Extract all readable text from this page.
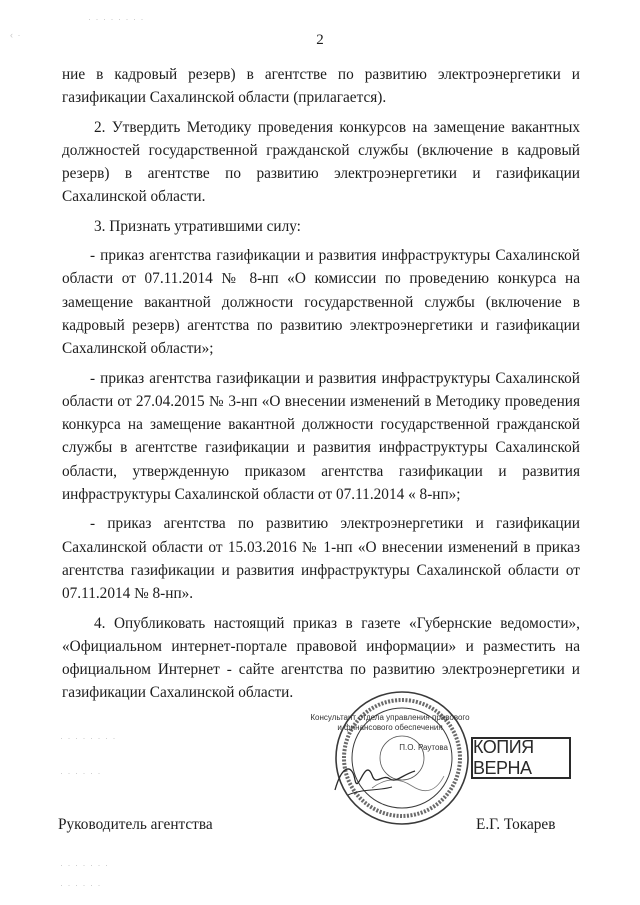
2

ние в кадровый резерв) в агентстве по развитию электроэнергетики и газификации Сахалинской области (прилагается).

2. Утвердить Методику проведения конкурсов на замещение вакантных должностей государственной гражданской службы (включение в кадровый резерв) в агентстве по развитию электроэнергетики и газификации Сахалинской области.

3. Признать утратившими силу:

- приказ агентства газификации и развития инфраструктуры Сахалинской области от 07.11.2014 № 8-нп «О комиссии по проведению конкурса на замещение вакантной должности государственной службы (включение в кадровый резерв) агентства по развитию электроэнергетики и газификации Сахалинской области»;

- приказ агентства газификации и развития инфраструктуры Сахалинской области от 27.04.2015 № 3-нп «О внесении изменений в Методику проведения конкурса на замещение вакантной должности государственной гражданской службы в агентстве газификации и развития инфраструктуры Сахалинской области, утвержденную приказом агентства газификации и развития инфраструктуры Сахалинской области от 07.11.2014 « 8-нп»;

- приказ агентства по развитию электроэнергетики и газификации Сахалинской области от 15.03.2016 № 1-нп «О внесении изменений в приказ агентства газификации и развития инфраструктуры Сахалинской области от 07.11.2014 № 8-нп».

4. Опубликовать настоящий приказ в газете «Губернские ведомости», «Официальном интернет-портале правовой информации» и разместить на официальном Интернет - сайте агентства по развитию электроэнергетики и газификации Сахалинской области.

Консультант отдела управления правового
и финансового обеспечения
П.О. Раутова	КОПИЯ ВЕРНА
Руководитель агентства	Е.Г. Токарев
· · · · · · · ·
‹ ·
· · · · · · · ·
· · · · · ·
· · · · · · ·
· · · · · ·
